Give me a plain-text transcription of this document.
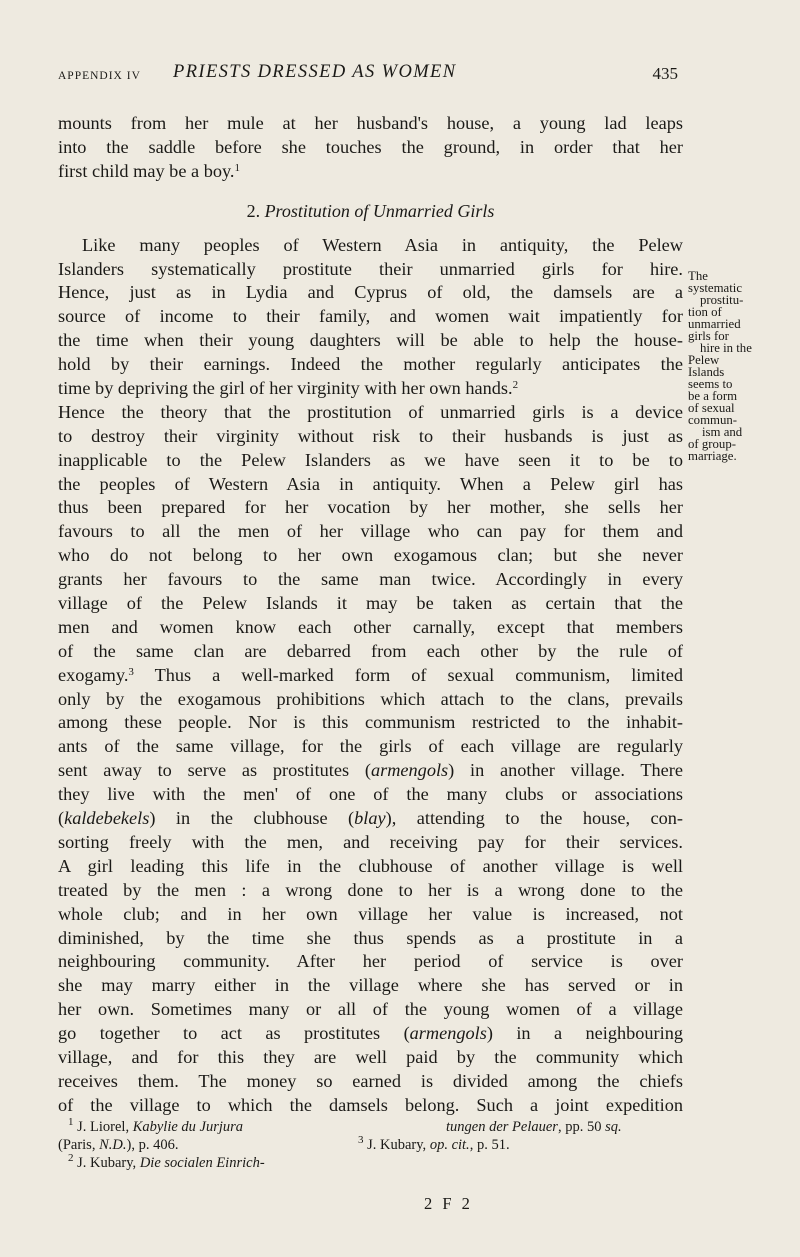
APPENDIX IV PRIESTS DRESSED AS WOMEN	435
mounts from her mule at her husband's house, a young lad leaps
into the saddle before she touches the ground, in order that her
first child may be a boy.$^1$
2. Prostitution of Unmarried Girls
Like many peoples of Western Asia in antiquity, the Pelew
Islanders systematically prostitute their unmarried girls for hire.
Hence, just as in Lydia and Cyprus of old, the damsels are a
source of income to their family, and women wait impatiently for
the time when their young daughters will be able to help the house-
hold by their earnings. Indeed the mother regularly anticipates the
time by depriving the girl of her virginity with her own hands.$^2$
Hence the theory that the prostitution of unmarried girls is a device
to destroy their virginity without risk to their husbands is just as
inapplicable to the Pelew Islanders as we have seen it to be to
the peoples of Western Asia in antiquity. When a Pelew girl has
thus been prepared for her vocation by her mother, she sells her
favours to all the men of her village who can pay for them and
who do not belong to her own exogamous clan; but she never
grants her favours to the same man twice. Accordingly in every
village of the Pelew Islands it may be taken as certain that the
men and women know each other carnally, except that members
of the same clan are debarred from each other by the rule of
exogamy.$^3$ Thus a well-marked form of sexual communism, limited
only by the exogamous prohibitions which attach to the clans, prevails
among these people. Nor is this communism restricted to the inhabit-
ants of the same village, for the girls of each village are regularly
sent away to serve as prostitutes (armengols) in another village. There
they live with the men' of one of the many clubs or associations
(kaldebekels) in the clubhouse (blay), attending to the house, con-
sorting freely with the men, and receiving pay for their services.
A girl leading this life in the clubhouse of another village is well
treated by the men : a wrong done to her is a wrong done to the
whole club; and in her own village her value is increased, not
diminished, by the time she thus spends as a prostitute in a
neighbouring community. After her period of service is over
she may marry either in the village where she has served or in
her own. Sometimes many or all of the young women of a village
go together to act as prostitutes (armengols) in a neighbouring
village, and for this they are well paid by the community which
receives them. The money so earned is divided among the chiefs
of the village to which the damsels belong. Such a joint expedition
The
systematic
prostitu-
tion of
unmarried
girls for
hire in the
Pelew
Islands
seems to
be a form
of sexual
commun-
ism and
of group-
marriage.
$^1$ J. Liorel, Kabylie du Jurjura	tungen der Pelauer, pp. 50 sq.
(Paris, N.D.), p. 406.	$^3$ J. Kubary, op. cit., p. 51.
$^2$ J. Kubary, Die socialen Einrich-
2 F 2
